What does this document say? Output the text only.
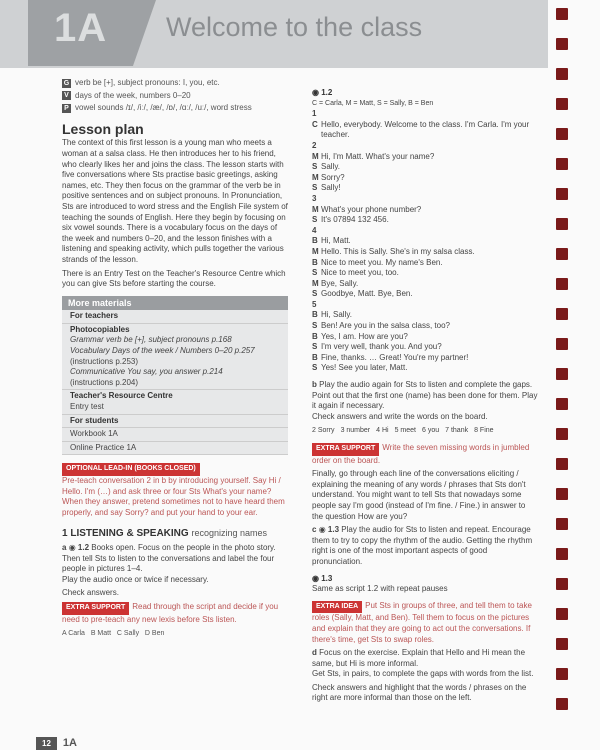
1A Welcome to the class
G verb be [+], subject pronouns: I, you, etc.
V days of the week, numbers 0–20
P vowel sounds /ɪ/, /iː/, /æ/, /ɒ/, /ɑː/, /uː/, word stress
Lesson plan

The context of this first lesson is a young man who meets a woman at a salsa class. He then introduces her to his friend, who clearly likes her and joins the class. The lesson starts with five conversations where Sts practise basic greetings, asking names, etc. They then focus on the grammar of the verb be in positive sentences and on subject pronouns. In Pronunciation, Sts are introduced to word stress and the English File system of teaching the sounds of English. Here they begin by focusing on six vowel sounds. There is a vocabulary focus on the days of the week and numbers 0–20, and the lesson finishes with a listening and speaking activity, which pulls together the various strands of the lesson.

There is an Entry Test on the Teacher's Resource Centre which you can give Sts before starting the course.

More materials
For teachers
Photocopiables
Grammar verb be [+], subject pronouns p.168
Vocabulary Days of the week / Numbers 0–20 p.257
(instructions p.253)
Communicative You say, you answer p.214
(instructions p.204)
Teacher's Resource Centre
Entry test
For students
Workbook 1A
Online Practice 1A
OPTIONAL LEAD-IN (BOOKS CLOSED)

Pre-teach conversation 2 in b by introducing yourself. Say Hi / Hello. I'm (…) and ask three or four Sts What's your name? When they answer, pretend sometimes not to have heard them properly, and say Sorry? and put your hand to your ear.

1 LISTENING & SPEAKING recognizing names
a ◉ 1.2 Books open. Focus on the people in the photo story. Then tell Sts to listen to the conversations and label the four people in pictures 1–4.

Play the audio once or twice if necessary.

Check answers.

EXTRA SUPPORT Read through the script and decide if you need to pre-teach any new lexis before Sts listen.

A Carla B Matt C Sally D Ben
◉ 1.2
C = Carla, M = Matt, S = Sally, B = Ben
1
C Hello, everybody. Welcome to the class. I'm Carla. I'm your teacher.
2
M Hi, I'm Matt. What's your name?
S Sally.
M Sorry?
S Sally!
3
M What's your phone number?
S It's 07894 132 456.
4
B Hi, Matt.
M Hello. This is Sally. She's in my salsa class.
B Nice to meet you. My name's Ben.
S Nice to meet you, too.
M Bye, Sally.
S Goodbye, Matt. Bye, Ben.
5
B Hi, Sally.
S Ben! Are you in the salsa class, too?
B Yes, I am. How are you?
S I'm very well, thank you. And you?
B Fine, thanks. … Great! You're my partner!
S Yes! See you later, Matt.
b Play the audio again for Sts to listen and complete the gaps. Point out that the first one (name) has been done for them. Play it again if necessary.

Check answers and write the words on the board.

2 Sorry 3 number 4 Hi 5 meet 6 you 7 thank 8 Fine

EXTRA SUPPORT Write the seven missing words in jumbled order on the board.

Finally, go through each line of the conversations eliciting / explaining the meaning of any words / phrases that Sts don't understand. You might want to tell Sts that nowadays some people say I'm good (instead of I'm fine. / Fine.) in answer to the question How are you?

c ◉ 1.3 Play the audio for Sts to listen and repeat. Encourage them to try to copy the rhythm of the audio. Getting the rhythm right is one of the most important aspects of good pronunciation.
◉ 1.3
Same as script 1.2 with repeat pauses

EXTRA IDEA Put Sts in groups of three, and tell them to take roles (Sally, Matt, and Ben). Tell them to focus on the pictures and explain that they are going to act out the conversations. If there's time, get Sts to swap roles.

d Focus on the exercise. Explain that Hello and Hi mean the same, but Hi is more informal.

Get Sts, in pairs, to complete the gaps with words from the list.

Check answers and highlight that the words / phrases on the right are more informal than those on the left.

12	1A
